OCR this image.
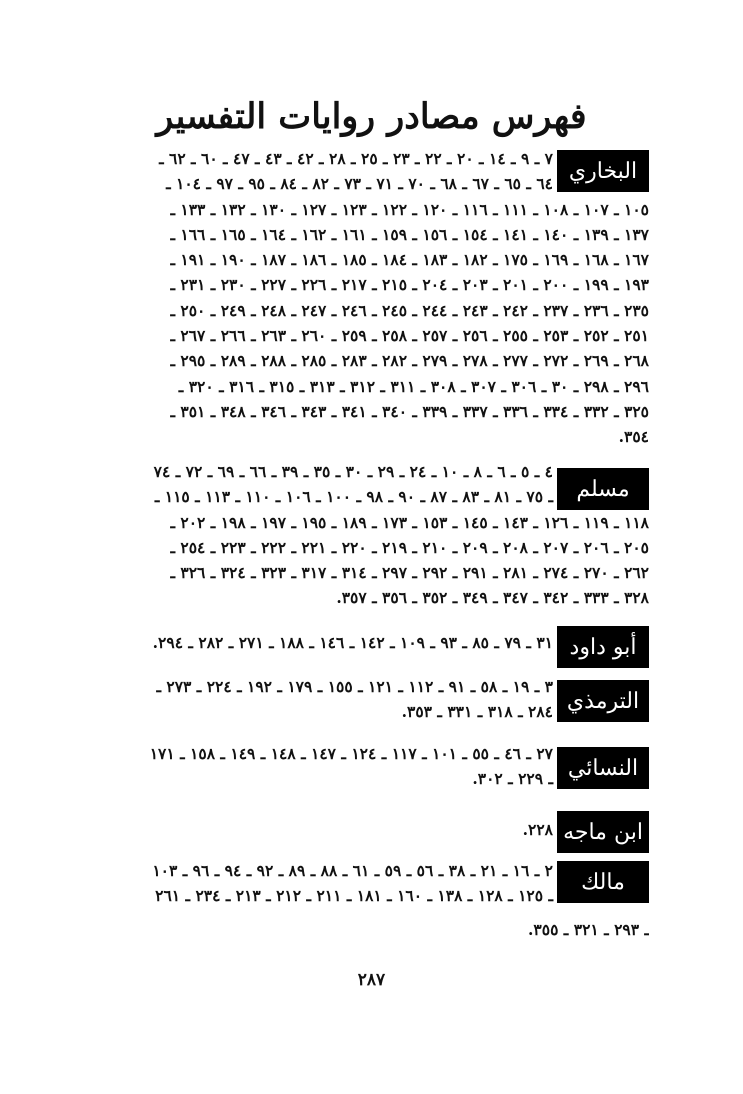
فهرس مصادر روايات التفسير
البخاري
٧ ـ ٩ ـ ١٤ ـ ٢٠ ـ ٢٢ ـ ٢٣ ـ ٢٥ ـ ٢٨ ـ ٤٢ ـ ٤٣ ـ ٤٧ ـ ٦٠ ـ ٦٢ ـ
٦٤ ـ ٦٥ ـ ٦٧ ـ ٦٨ ـ ٧٠ ـ ٧١ ـ ٧٣ ـ ٨٢ ـ ٨٤ ـ ٩٥ ـ ٩٧ ـ ١٠٤ ـ
١٠٥ ـ ١٠٧ ـ ١٠٨ ـ ١١١ ـ ١١٦ ـ ١٢٠ ـ ١٢٢ ـ ١٢٣ ـ ١٢٧ ـ ١٣٠ ـ ١٣٢ ـ ١٣٣ ـ
١٣٧ ـ ١٣٩ ـ ١٤٠ ـ ١٤١ ـ ١٥٤ ـ ١٥٦ ـ ١٥٩ ـ ١٦١ ـ ١٦٢ ـ ١٦٤ ـ ١٦٥ ـ ١٦٦ ـ
١٦٧ ـ ١٦٨ ـ ١٦٩ ـ ١٧٥ ـ ١٨٢ ـ ١٨٣ ـ ١٨٤ ـ ١٨٥ ـ ١٨٦ ـ ١٨٧ ـ ١٩٠ ـ ١٩١ ـ
١٩٣ ـ ١٩٩ ـ ٢٠٠ ـ ٢٠١ ـ ٢٠٣ ـ ٢٠٤ ـ ٢١٥ ـ ٢١٧ ـ ٢٢٦ ـ ٢٢٧ ـ ٢٣٠ ـ ٢٣١ ـ
٢٣٥ ـ ٢٣٦ ـ ٢٣٧ ـ ٢٤٢ ـ ٢٤٣ ـ ٢٤٤ ـ ٢٤٥ ـ ٢٤٦ ـ ٢٤٧ ـ ٢٤٨ ـ ٢٤٩ ـ ٢٥٠ ـ
٢٥١ ـ ٢٥٢ ـ ٢٥٣ ـ ٢٥٥ ـ ٢٥٦ ـ ٢٥٧ ـ ٢٥٨ ـ ٢٥٩ ـ ٢٦٠ ـ ٢٦٣ ـ ٢٦٦ ـ ٢٦٧ ـ
٢٦٨ ـ ٢٦٩ ـ ٢٧٢ ـ ٢٧٧ ـ ٢٧٨ ـ ٢٧٩ ـ ٢٨٢ ـ ٢٨٣ ـ ٢٨٥ ـ ٢٨٨ ـ ٢٨٩ ـ ٢٩٥ ـ
٢٩٦ ـ ٢٩٨ ـ ٣٠ ـ ٣٠٦ ـ ٣٠٧ ـ ٣٠٨ ـ ٣١١ ـ ٣١٢ ـ ٣١٣ ـ ٣١٥ ـ ٣١٦ ـ ٣٢٠ ـ
٣٢٥ ـ ٣٣٢ ـ ٣٣٤ ـ ٣٣٦ ـ ٣٣٧ ـ ٣٣٩ ـ ٣٤٠ ـ ٣٤١ ـ ٣٤٣ ـ ٣٤٦ ـ ٣٤٨ ـ ٣٥١ ـ
٣٥٤.
مسلم
٤ ـ ٥ ـ ٦ ـ ٨ ـ ١٠ ـ ٢٤ ـ ٢٩ ـ ٣٠ ـ ٣٥ ـ ٣٩ ـ ٦٦ ـ ٦٩ ـ ٧٢ ـ ٧٤
ـ ٧٥ ـ ٨١ ـ ٨٣ ـ ٨٧ ـ ٩٠ ـ ٩٨ ـ ١٠٠ ـ ١٠٦ ـ ١١٠ ـ ١١٣ ـ ١١٥ ـ
١١٨ ـ ١١٩ ـ ١٢٦ ـ ١٤٣ ـ ١٤٥ ـ ١٥٣ ـ ١٧٣ ـ ١٨٩ ـ ١٩٥ ـ ١٩٧ ـ ١٩٨ ـ ٢٠٢ ـ
٢٠٥ ـ ٢٠٦ ـ ٢٠٧ ـ ٢٠٨ ـ ٢٠٩ ـ ٢١٠ ـ ٢١٩ ـ ٢٢٠ ـ ٢٢١ ـ ٢٢٢ ـ ٢٢٣ ـ ٢٥٤ ـ
٢٦٢ ـ ٢٧٠ ـ ٢٧٤ ـ ٢٨١ ـ ٢٩١ ـ ٢٩٢ ـ ٢٩٧ ـ ٣١٤ ـ ٣١٧ ـ ٣٢٣ ـ ٣٢٤ ـ ٣٢٦ ـ
٣٢٨ ـ ٣٣٣ ـ ٣٤٢ ـ ٣٤٧ ـ ٣٤٩ ـ ٣٥٢ ـ ٣٥٦ ـ ٣٥٧.
أبو داود
٣١ ـ ٧٩ ـ ٨٥ ـ ٩٣ ـ ١٠٩ ـ ١٤٢ ـ ١٤٦ ـ ١٨٨ ـ ٢٧١ ـ ٢٨٢ ـ ٢٩٤.
الترمذي
٣ ـ ١٩ ـ ٥٨ ـ ٩١ ـ ١١٢ ـ ١٢١ ـ ١٥٥ ـ ١٧٩ ـ ١٩٢ ـ ٢٢٤ ـ ٢٧٣ ـ
٢٨٤ ـ ٣١٨ ـ ٣٣١ ـ ٣٥٣.
النسائي
٢٧ ـ ٤٦ ـ ٥٥ ـ ١٠١ ـ ١١٧ ـ ١٢٤ ـ ١٤٧ ـ ١٤٨ ـ ١٤٩ ـ ١٥٨ ـ ١٧١
ـ ٢٢٩ ـ ٣٠٢.
ابن ماجه
٢٢٨.
مالك
٢ ـ ١٦ ـ ٢١ ـ ٣٨ ـ ٥٦ ـ ٥٩ ـ ٦١ ـ ٨٨ ـ ٨٩ ـ ٩٢ ـ ٩٤ ـ ٩٦ ـ ١٠٣
ـ ١٢٥ ـ ١٢٨ ـ ١٣٨ ـ ١٦٠ ـ ١٨١ ـ ٢١١ ـ ٢١٢ ـ ٢١٣ ـ ٢٣٤ ـ ٢٦١
ـ ٢٩٣ ـ ٣٢١ ـ ٣٥٥.
٢٨٧
